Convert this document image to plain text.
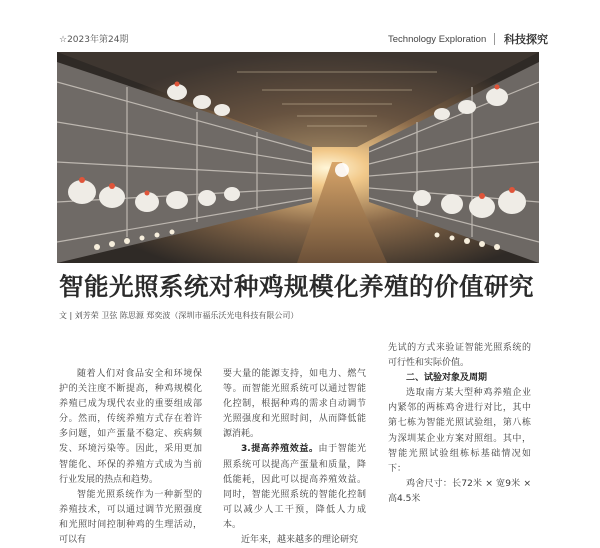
☆2023年第24期	Technology Exploration 科技探究
智能光照系统对种鸡规模化养殖的价值研究
文 | 刘芳荣 卫弦 陈思源 郑奕波（深圳市福乐沃光电科技有限公司）

随着人们对食品安全和环境保护的关注度不断提高，种鸡规模化养殖已成为现代农业的重要组成部分。然而，传统养殖方式存在着许多问题，如产蛋量不稳定、疾病频发、环境污染等。因此，采用更加智能化、环保的养殖方式成为当前行业发展的热点和趋势。

智能光照系统作为一种新型的养殖技术，可以通过调节光照强度和光照时间控制种鸡的生理活动，可以有

要大量的能源支持，如电力、燃气等。而智能光照系统可以通过智能化控制，根据种鸡的需求自动调节光照强度和光照时间，从而降低能源消耗。

3.提高养殖效益。由于智能光照系统可以提高产蛋量和质量，降低能耗，因此可以提高养殖效益。同时，智能光照系统的智能化控制可以减少人工干预，降低人力成本。

近年来，越来越多的理论研究

先试的方式来验证智能光照系统的可行性和实际价值。

二、试验对象及周期

选取南方某大型种鸡养殖企业内紧邻的两栋鸡舍进行对比，其中第七栋为智能光照试验组，第八栋为深圳某企业方案对照组。其中，智能光照试验组栋标基础情况如下：

鸡舍尺寸：长72米 × 宽9米 × 高4.5米
